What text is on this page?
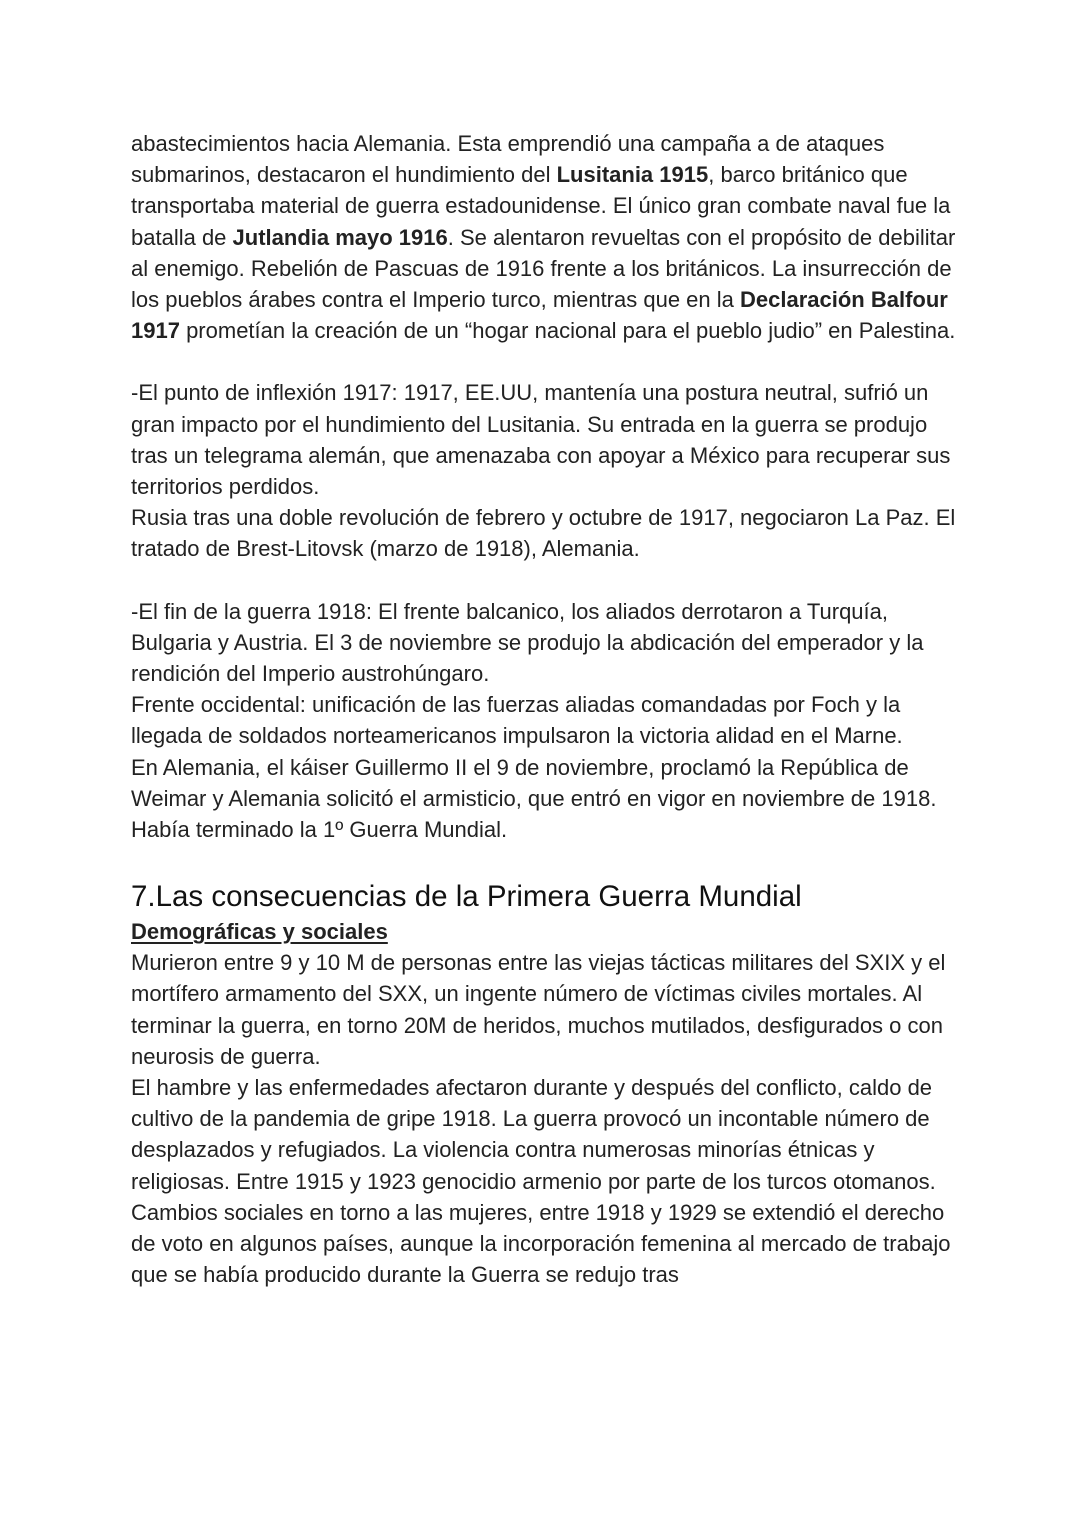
abastecimientos hacia Alemania. Esta emprendió una campaña a de ataques submarinos, destacaron el hundimiento del Lusitania 1915, barco británico que transportaba material de guerra estadounidense. El único gran combate naval fue la batalla de Jutlandia mayo 1916. Se alentaron revueltas con el propósito de debilitar al enemigo. Rebelión de Pascuas de 1916 frente a los británicos. La insurrección de los pueblos árabes contra el Imperio turco, mientras que en la Declaración Balfour 1917 prometían la creación de un “hogar nacional para el pueblo judio” en Palestina.

-El punto de inflexión 1917: 1917, EE.UU, mantenía una postura neutral, sufrió un gran impacto por el hundimiento del Lusitania. Su entrada en la guerra se produjo tras un telegrama alemán, que amenazaba con apoyar a México para recuperar sus territorios perdidos.

Rusia tras una doble revolución de febrero y octubre de 1917, negociaron La Paz. El tratado de Brest-Litovsk (marzo de 1918), Alemania.

-El fin de la guerra 1918: El frente balcanico, los aliados derrotaron a Turquía, Bulgaria y Austria. El 3 de noviembre se produjo la abdicación del emperador y la rendición del Imperio austrohúngaro.

Frente occidental: unificación de las fuerzas aliadas comandadas por Foch y la llegada de soldados norteamericanos impulsaron la victoria alidad en el Marne.

En Alemania, el káiser Guillermo II el 9 de noviembre, proclamó la República de Weimar y Alemania solicitó el armisticio, que entró en vigor en noviembre de 1918. Había terminado la 1º Guerra Mundial.

7.Las consecuencias de la Primera Guerra Mundial
Demográficas y sociales

Murieron entre 9 y 10 M de personas entre las viejas tácticas militares del SXIX y el mortífero armamento del SXX, un ingente número de víctimas civiles mortales. Al terminar la guerra, en torno 20M de heridos, muchos mutilados, desfigurados o con neurosis de guerra.

El hambre y las enfermedades afectaron durante y después del conflicto, caldo de cultivo de la pandemia de gripe 1918. La guerra provocó un incontable número de desplazados y refugiados. La violencia contra numerosas minorías étnicas y religiosas. Entre 1915 y 1923 genocidio armenio por parte de los turcos otomanos.

Cambios sociales en torno a las mujeres, entre 1918 y 1929 se extendió el derecho de voto en algunos países, aunque la incorporación femenina al mercado de trabajo que se había producido durante la Guerra se redujo tras
